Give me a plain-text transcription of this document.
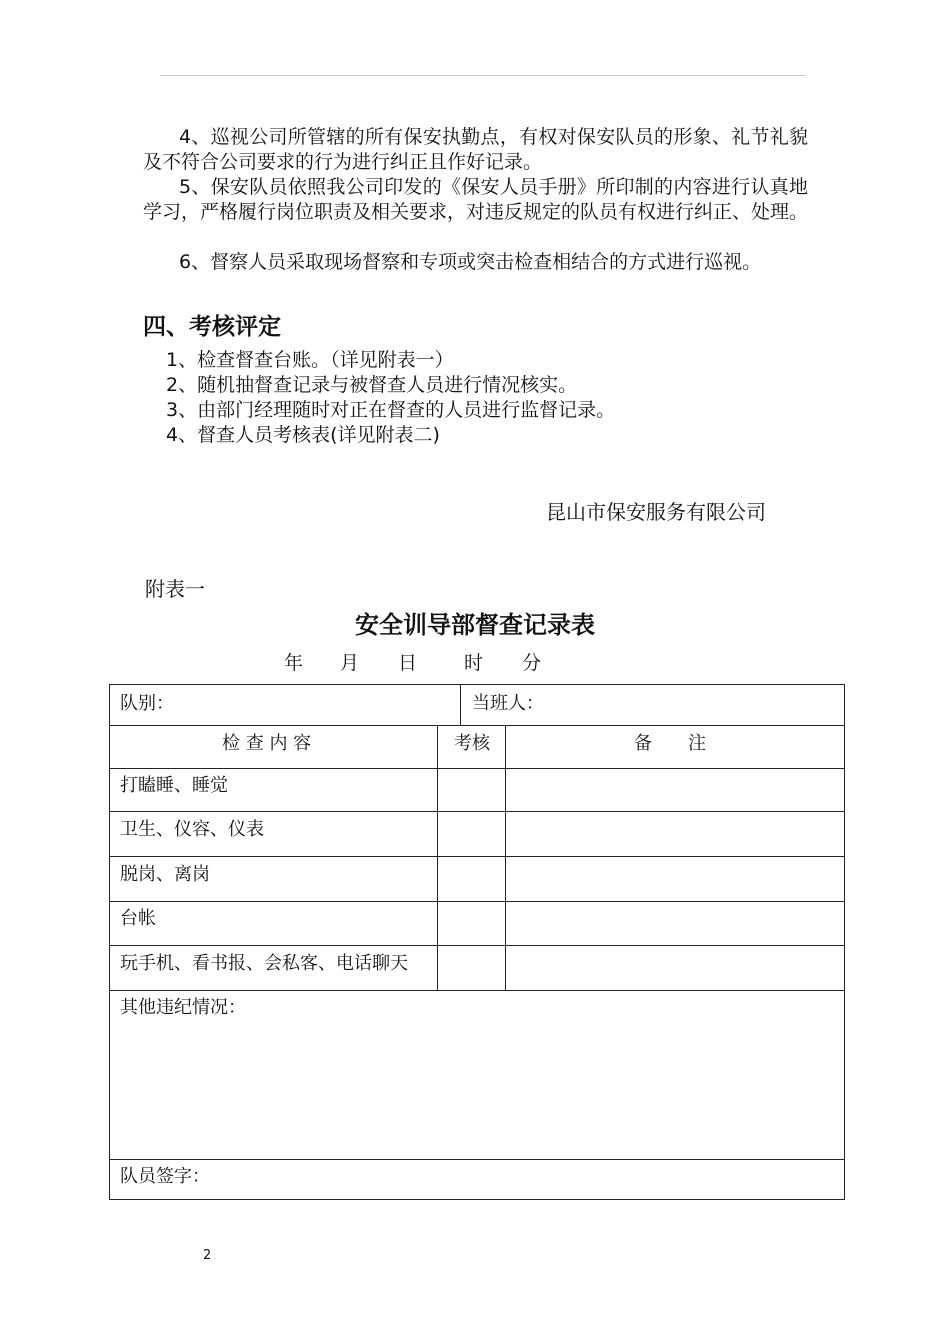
4、巡视公司所管辖的所有保安执勤点，有权对保安队员的形象、礼节礼貌及不符合公司要求的行为进行纠正且作好记录。

5、保安队员依照我公司印发的《保安人员手册》所印制的内容进行认真地学习，严格履行岗位职责及相关要求，对违反规定的队员有权进行纠正、处理。

6、督察人员采取现场督察和专项或突击检查相结合的方式进行巡视。

四、考核评定

1、检查督查台账。（详见附表一）

2、随机抽督查记录与被督查人员进行情况核实。

3、由部门经理随时对正在督查的人员进行监督记录。

4、督查人员考核表(详见附表二)

昆山市保安服务有限公司
附表一
安全训导部督查记录表
年 月 日 时 分
队别：	当班人：
检 查 内 容	考核	备　　注
打瞌睡、睡觉
卫生、仪容、仪表
脱岗、离岗
台帐
玩手机、看书报、会私客、电话聊天
其他违纪情况：
队员签字：
2
